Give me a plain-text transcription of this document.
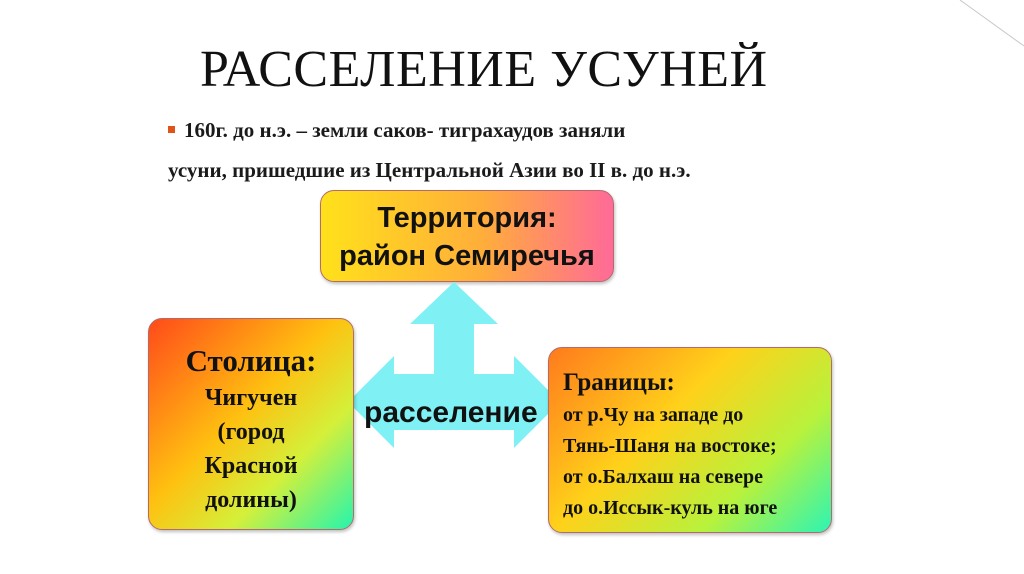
РАССЕЛЕНИЕ УСУНЕЙ
160г. до н.э. – земли саков- тиграхаудов заняли
усуни, пришедшие из Центральной Азии во II в. до н.э.
Территория:
район Семиречья
расселение
Столица:
Чигучен
(город
Красной
долины)
Границы:
от р.Чу на западе до
Тянь-Шаня на востоке;
от о.Балхаш на севере
до о.Иссык-куль на юге
